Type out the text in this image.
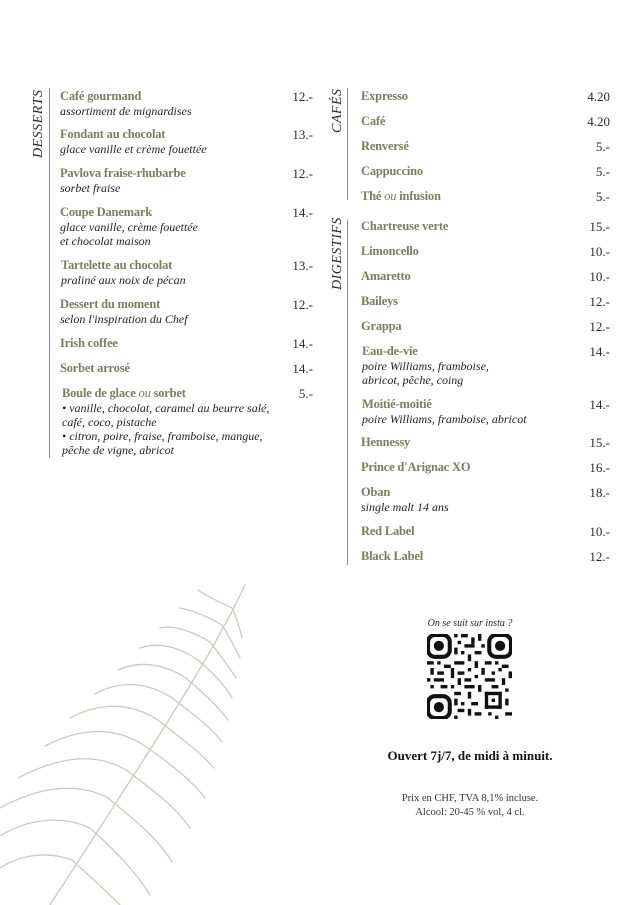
DESSERTS Café gourmand
assortiment de mignardises
12.-
Fondant au chocolat
glace vanille et crème fouettée
13.-
Pavlova fraise-rhubarbe
sorbet fraise
12.-
Coupe Danemark
glace vanille, crème fouettée
et chocolat maison
14.-
Tartelette au chocolat
praliné aux noix de pécan
13.-
Dessert du moment
selon l'inspiration du Chef
12.-
Irish coffee	14.-
Sorbet arrosé	14.-
Boule de glace ou sorbet
• vanille, chocolat, caramel au beurre salé,
café, coco, pistache
• citron, poire, fraise, framboise, mangue,
pêche de vigne, abricot
5.-
CAFÉS Expresso	4.20
Café	4.20
Renversé	5.-
Cappuccino	5.-
Thé ou infusion	5.-
DIGESTIFS Chartreuse verte	15.-
Limoncello	10.-
Amaretto	10.-
Baileys	12.-
Grappa	12.-
Eau-de-vie
poire Williams, framboise,
abricot, pêche, coing
14.-
Moitié-moitié
poire Williams, framboise, abricot
14.-
Hennessy	15.-
Prince d'Arignac XO	16.-
Oban
single malt 14 ans
18.-
Red Label	10.-
Black Label	12.-
On se suit sur insta ?
Ouvert 7j/7, de midi à minuit.
Prix en CHF, TVA 8,1% incluse.
Alcool: 20-45 % vol, 4 cl.
